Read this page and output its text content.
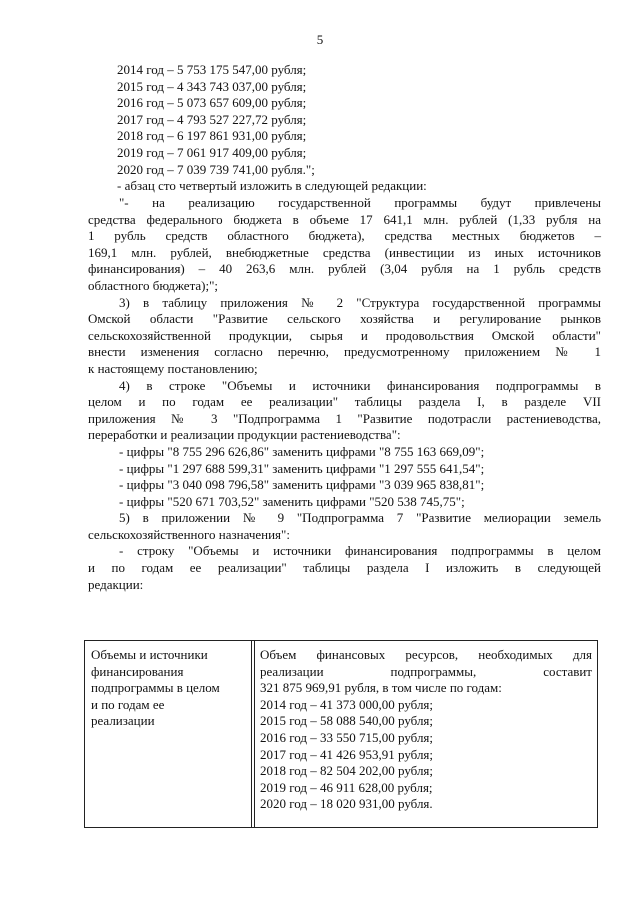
5
2014 год – 5 753 175 547,00 рубля;
2015 год – 4 343 743 037,00 рубля;
2016 год – 5 073 657 609,00 рубля;
2017 год – 4 793 527 227,72 рубля;
2018 год – 6 197 861 931,00 рубля;
2019 год – 7 061 917 409,00 рубля;
2020 год – 7 039 739 741,00 рубля.";
- абзац сто четвертый изложить в следующей редакции:
"- на реализацию государственной программы будут привлечены
средства федерального бюджета в объеме 17 641,1 млн. рублей (1,33 рубля на
1 рубль средств областного бюджета), средства местных бюджетов –
169,1 млн. рублей, внебюджетные средства (инвестиции из иных источников
финансирования) – 40 263,6 млн. рублей (3,04 рубля на 1 рубль средств
областного бюджета);";
3) в таблицу приложения № 2 "Структура государственной программы
Омской области "Развитие сельского хозяйства и регулирование рынков
сельскохозяйственной продукции, сырья и продовольствия Омской области"
внести изменения согласно перечню, предусмотренному приложением № 1
к настоящему постановлению;
4) в строке "Объемы и источники финансирования подпрограммы в
целом и по годам ее реализации" таблицы раздела I, в разделе VII
приложения № 3 "Подпрограмма 1 "Развитие подотрасли растениеводства,
переработки и реализации продукции растениеводства":
- цифры "8 755 296 626,86" заменить цифрами "8 755 163 669,09";
- цифры "1 297 688 599,31" заменить цифрами "1 297 555 641,54";
- цифры "3 040 098 796,58" заменить цифрами "3 039 965 838,81";
- цифры "520 671 703,52" заменить цифрами "520 538 745,75";
5) в приложении № 9 "Подпрограмма 7 "Развитие мелиорации земель
сельскохозяйственного назначения":
- строку "Объемы и источники финансирования подпрограммы в целом
и по годам ее реализации" таблицы раздела I изложить в следующей
редакции:
Объемы и источники
финансирования
подпрограммы в целом
и по годам ее
реализации
Объем финансовых ресурсов, необходимых для
реализации подпрограммы, составит
321 875 969,91 рубля, в том числе по годам:
2014 год – 41 373 000,00 рубля;
2015 год – 58 088 540,00 рубля;
2016 год – 33 550 715,00 рубля;
2017 год – 41 426 953,91 рубля;
2018 год – 82 504 202,00 рубля;
2019 год – 46 911 628,00 рубля;
2020 год – 18 020 931,00 рубля.
